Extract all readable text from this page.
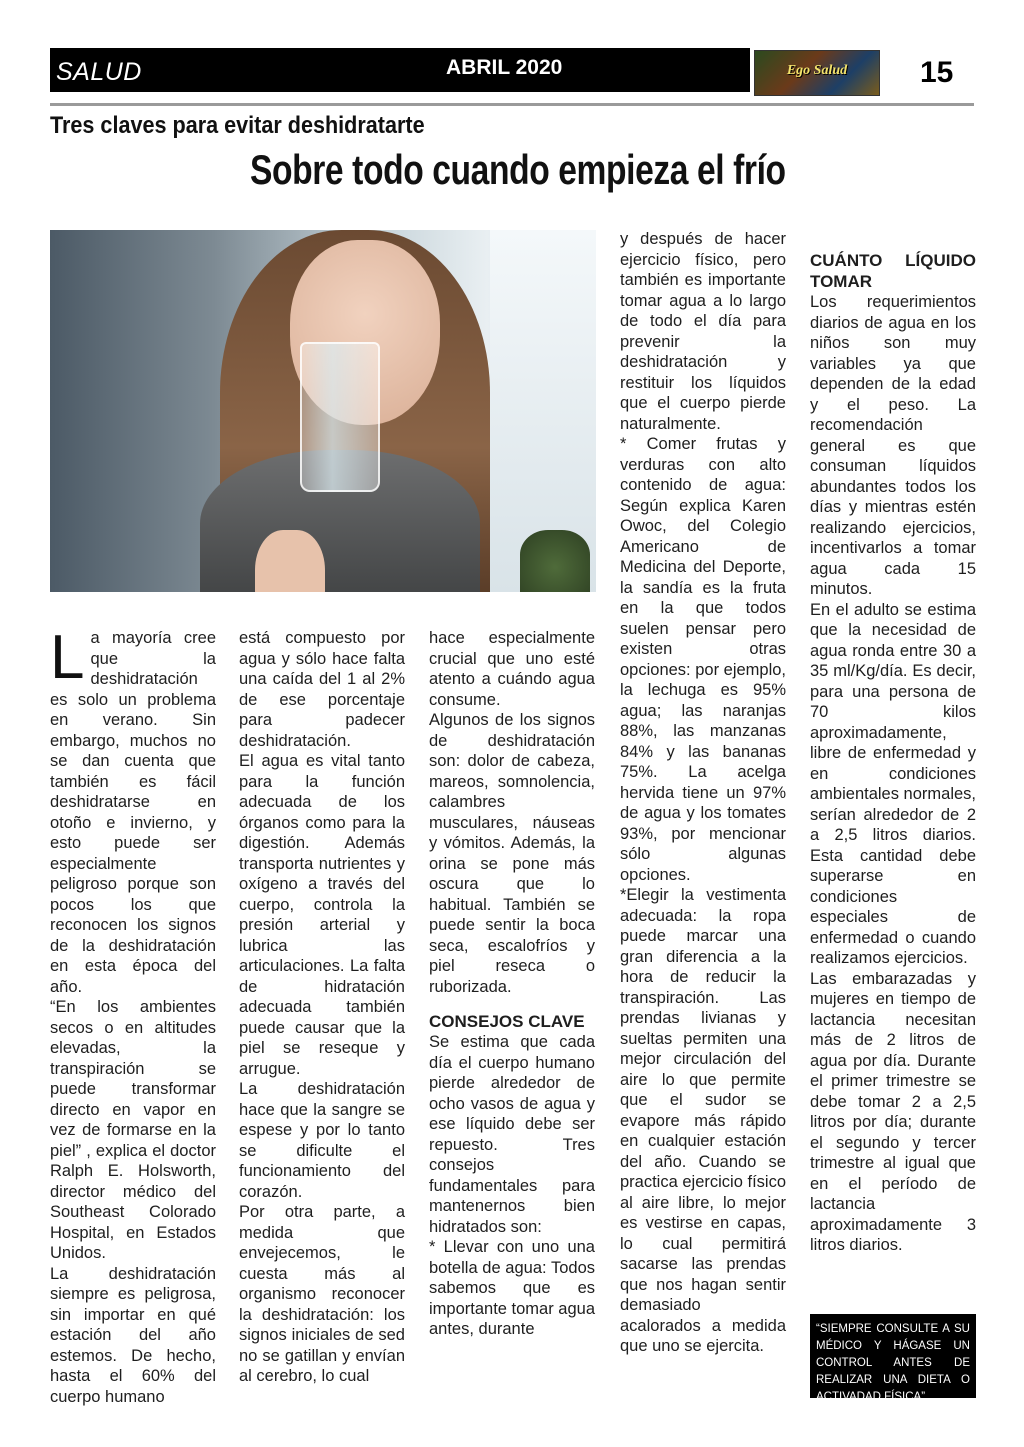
SALUD	ABRIL 2020	Ego Salud	15
Tres claves para evitar deshidratarte
Sobre todo cuando empieza el frío

La mayoría cree que la deshidratación es solo un problema en verano. Sin embargo, muchos no se dan cuenta que también es fácil deshidratarse en otoño e invierno, y esto puede ser especialmente peligroso porque son pocos los que reconocen los signos de la deshidratación en esta época del año.

“En los ambientes secos o en altitudes elevadas, la transpiración se puede transformar directo en vapor en vez de formarse en la piel” , explica el doctor Ralph E. Holsworth, director médico del Southeast Colorado Hospital, en Estados Unidos.

La deshidratación siempre es peligrosa, sin importar en qué estación del año estemos. De hecho, hasta el 60% del cuerpo humano

está compuesto por agua y sólo hace falta una caída del 1 al 2% de ese porcentaje para padecer deshidratación.

El agua es vital tanto para la función adecuada de los órganos como para la digestión. Además transporta nutrientes y oxígeno a través del cuerpo, controla la presión arterial y lubrica las articulaciones. La falta de hidratación adecuada también puede causar que la piel se reseque y arrugue.

La deshidratación hace que la sangre se espese y por lo tanto se dificulte el funcionamiento del corazón.

Por otra parte, a medida que envejecemos, le cuesta más al organismo reconocer la deshidratación: los signos iniciales de sed no se gatillan y envían al cerebro, lo cual

hace especialmente crucial que uno esté atento a cuándo agua consume.

Algunos de los signos de deshidratación son: dolor de cabeza, mareos, somnolencia, calambres musculares, náuseas y vómitos. Además, la orina se pone más oscura que lo habitual. También se puede sentir la boca seca, escalofríos y piel reseca o ruborizada.

CONSEJOS CLAVE

Se estima que cada día el cuerpo humano pierde alrededor de ocho vasos de agua y ese líquido debe ser repuesto. Tres consejos fundamentales para mantenernos bien hidratados son:

* Llevar con uno una botella de agua: Todos sabemos que es importante tomar agua antes, durante

y después de hacer ejercicio físico, pero también es importante tomar agua a lo largo de todo el día para prevenir la deshidratación y restituir los líquidos que el cuerpo pierde naturalmente.

* Comer frutas y verduras con alto contenido de agua: Según explica Karen Owoc, del Colegio Americano de Medicina del Deporte, la sandía es la fruta en la que todos suelen pensar pero existen otras opciones: por ejemplo, la lechuga es 95% agua; las naranjas 88%, las manzanas 84% y las bananas 75%. La acelga hervida tiene un 97% de agua y los tomates 93%, por mencionar sólo algunas opciones.

*Elegir la vestimenta adecuada: la ropa puede marcar una gran diferencia a la hora de reducir la transpiración. Las prendas livianas y sueltas permiten una mejor circulación del aire lo que permite que el sudor se evapore más rápido en cualquier estación del año. Cuando se practica ejercicio físico al aire libre, lo mejor es vestirse en capas, lo cual permitirá sacarse las prendas que nos hagan sentir demasiado acalorados a medida que uno se ejercita.

CUÁNTO LÍQUIDO TOMAR

Los requerimientos diarios de agua en los niños son muy variables ya que dependen de la edad y el peso. La recomendación general es que consuman líquidos abundantes todos los días y mientras estén realizando ejercicios, incentivarlos a tomar agua cada 15 minutos.

En el adulto se estima que la necesidad de agua ronda entre 30 a 35 ml/Kg/día. Es decir, para una persona de 70 kilos aproximadamente, libre de enfermedad y en condiciones ambientales normales, serían alrededor de 2 a 2,5 litros diarios. Esta cantidad debe superarse en condiciones especiales de enfermedad o cuando realizamos ejercicios.

Las embarazadas y mujeres en tiempo de lactancia necesitan más de 2 litros de agua por día. Durante el primer trimestre se debe tomar 2 a 2,5 litros por día; durante el segundo y tercer trimestre al igual que en el período de lactancia aproximadamente 3 litros diarios.

“SIEMPRE CONSULTE A SU MÉDICO Y HÁGASE UN CONTROL ANTES DE REALIZAR UNA DIETA O ACTIVADAD FÍSICA”
